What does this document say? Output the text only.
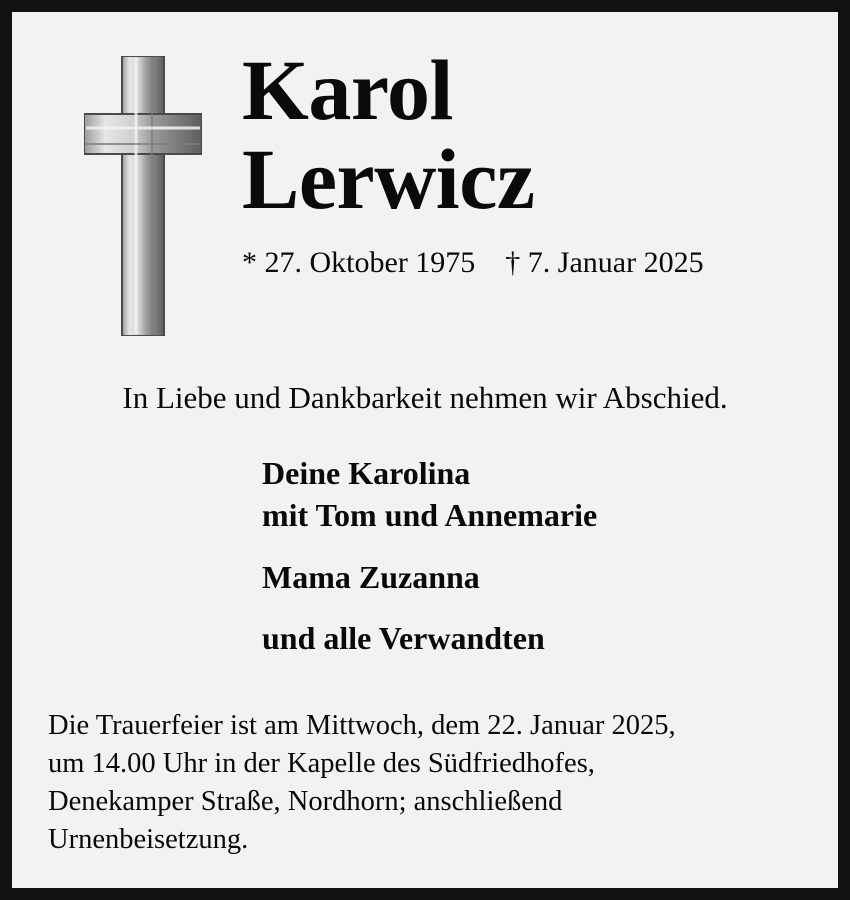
Karol
Lerwicz
* 27. Oktober 1975    † 7. Januar 2025
In Liebe und Dankbarkeit nehmen wir Abschied.
Deine Karolina
mit Tom und Annemarie
Mama Zuzanna
und alle Verwandten
Die Trauerfeier ist am Mittwoch, dem 22. Januar 2025,
um 14.00 Uhr in der Kapelle des Südfriedhofes,
Denekamper Straße, Nordhorn; anschließend
Urnenbeisetzung.
